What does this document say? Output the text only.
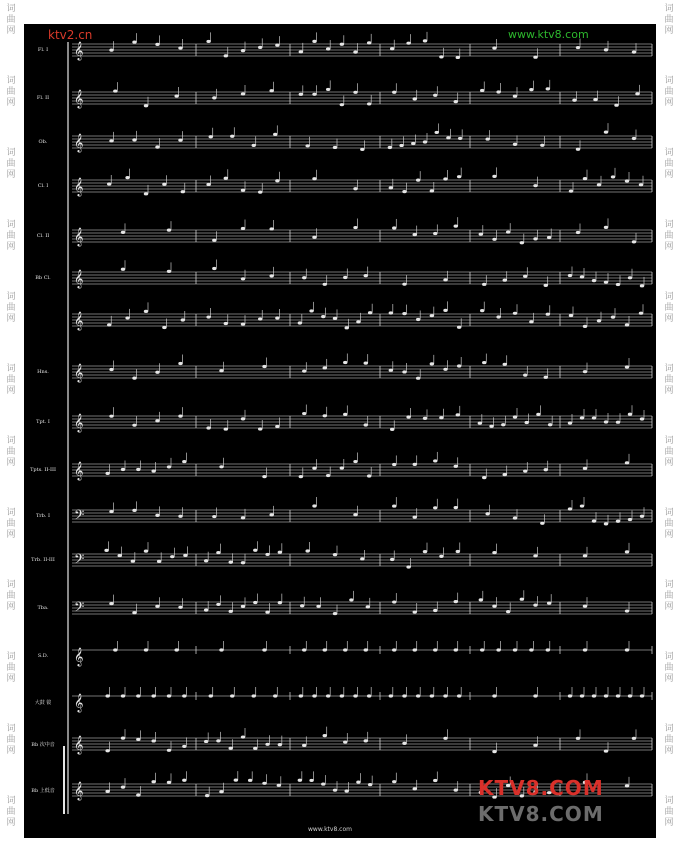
词
曲
网
词
曲
网
词
曲
网
词
曲
网
词
曲
网
词
曲
网
词
曲
网
词
曲
网
词
曲
网
词
曲
网
词
曲
网
词
曲
网
词
曲
网
词
曲
网
词
曲
网
词
曲
网
词
曲
网
词
曲
网
词
曲
网
词
曲
网
词
曲
网
词
曲
网
词
曲
网
词
曲
网
𝄞
𝄞
𝄞
𝄞
𝄞
𝄞
𝄞
𝄞
𝄞
𝄞
𝄢
𝄢
𝄢
𝄞
𝄞
𝄞
𝄞
Fl. I
Fl. II
Ob.
Cl. I
Cl. II
Bb Cl.
Hns.
Tpt. I
Tpts. II-III
Trb. I
Trb. II-III
Tba.
S.D.
大鼓 钹
Bb 次中音
Bb 上低音
ktv2.cn	www.ktv8.com
www.ktv8.com
KTV8.COM
KTV8.COM
